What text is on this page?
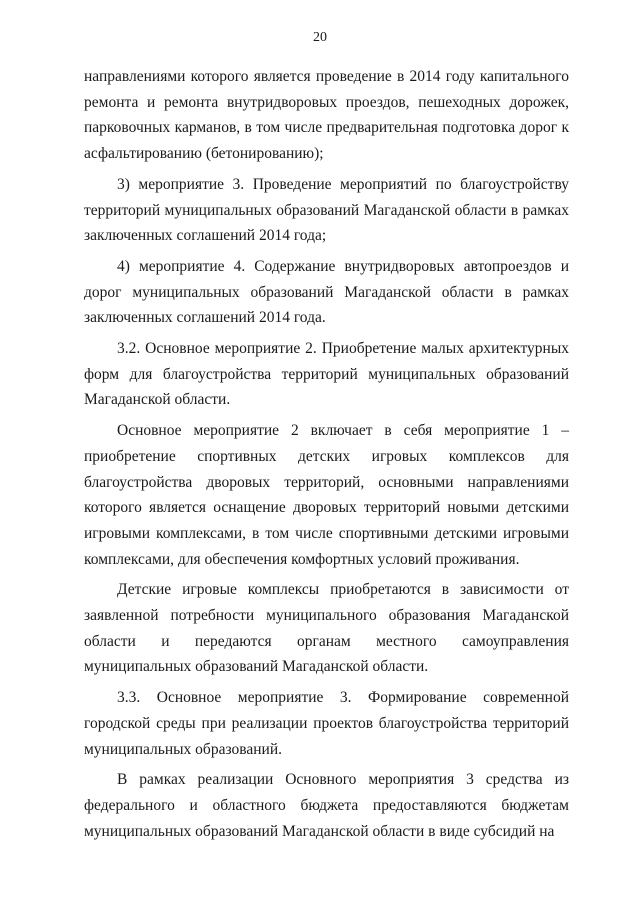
20

направлениями которого является проведение в 2014 году капитального ремонта и ремонта внутридворовых проездов, пешеходных дорожек, парковочных карманов, в том числе предварительная подготовка дорог к асфальтированию (бетонированию);

3) мероприятие 3. Проведение мероприятий по благоустройству территорий муниципальных образований Магаданской области в рамках заключенных соглашений 2014 года;

4) мероприятие 4. Содержание внутридворовых автопроездов и дорог муниципальных образований Магаданской области в рамках заключенных соглашений 2014 года.

3.2. Основное мероприятие 2. Приобретение малых архитектурных форм для благоустройства территорий муниципальных образований Магаданской области.

Основное мероприятие 2 включает в себя мероприятие 1 – приобретение спортивных детских игровых комплексов для благоустройства дворовых территорий, основными направлениями которого является оснащение дворовых территорий новыми детскими игровыми комплексами, в том числе спортивными детскими игровыми комплексами, для обеспечения комфортных условий проживания.

Детские игровые комплексы приобретаются в зависимости от заявленной потребности муниципального образования Магаданской области и передаются органам местного самоуправления муниципальных образований Магаданской области.

3.3. Основное мероприятие 3. Формирование современной городской среды при реализации проектов благоустройства территорий муниципальных образований.

В рамках реализации Основного мероприятия 3 средства из федерального и областного бюджета предоставляются бюджетам муниципальных образований Магаданской области в виде субсидий на
